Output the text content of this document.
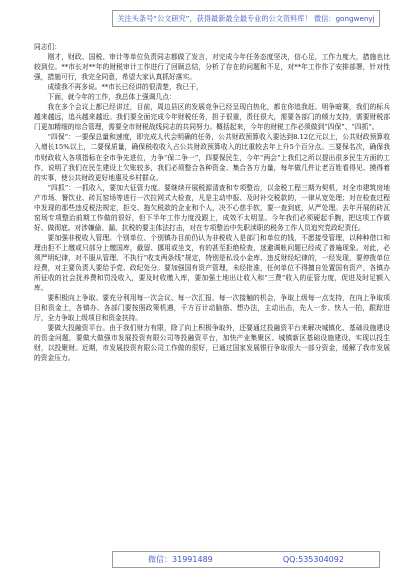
关注头条号“公文研究”，获得最新最全最专业的公文资料库！ 微信：gongwenyj

同志们：

刚才，财政、国税、审计等单位负责同志都做了发言，对完成今年任务态度坚决，信心足，工作力度大，措施也比较到位。**市长对**年的财税审计工作进行了回顾总结，分析了存在的问题和不足，对**年工作作了安排部署，针对性强，措施可行，我完全同意，希望大家认真抓好落实。

成绩我不再多说。**市长已经讲的很清楚，我已于，

下面，就今年的工作，我总体上强调几点：

我在多个会议上都已经讲过，目前，周边县区的发展竞争已经呈现白热化，都在你追我赶、明争暗赛，我们的标兵越来越远，追兵越来越近。我们要全面完成今年财税任务，担子很重，责任很大，需要各部门的倾力支持，需要财税部门更加精细的综合管理，需要全市财税战线同志的共同努力。概括起来，今年的财税工作必须做到“四保”、“四抓”。

“四保”：一要保总量和速度，即完成人代会明确的任务，公共财政预算收入要达到8.12亿元以上，公共财政预算收入增长15%以上，二要保质量，确保税收收入占公共财政预算收入的比重较去年上升5个百分点。三要保名次，确保我市财政收入各项指标在全市争先进位，力争“保二争一”，四要保民生，今年“两会”上我们之所以提出很多民生方面的工作，说明了我们在民生建设上欠账较多，我们必须整合各种资金、集合各方力量，每年做几件让老百姓看得见、摸得着的实事，使公共财政更好地惠及乡村群众。

“四抓”：一抓收入，要加大征管力度。要继续开展税源清查和专项整治，以金税工程三期为契机，对全市建筑房地产市场、餐饮业、砖瓦窑场等进行一次拉网式大检查，凡是主动申报、及时补交税款的，一律从宽处理；对在检查过程中发现的那些违反税法规定，拒交、拖欠税款的企业和个人，决不心慈手软，要一查到底，从严处理。去年开展的砖瓦窑场专项整治前期工作做的很好，但下半年工作力度没跟上，成效不太明显。今年我们必须硬起手腕，把这项工作做好、做彻底。对涉嫌偷、漏、抗税的要主体法打击，对在专项整治中失职渎职的税务工作人员追究党政纪责任。

要加强非税收入管理。个别单位、个别镇办目前仍认为非税收入是部门和单位的钱，不愿接受管理，以种种借口和理由拒不上缴或只部分上缴国库，截留、挪用或坐支，有的甚至拒绝检查，迷避调帐问题已经成了普遍现象。对此，必须严明纪律，对不服从管理、不执行“收支两条线”规定，特别是私设小金库、违反财经纪律的，一经发现，要停拨单位经费，对主要负责人要给予党、政纪处分。要加强国有资产管理，未经批准，任何单位不得擅自处置国有资产，各镇办所征收的社会抚养费和罚没收入，要及时收缴入库，要加强土地出让收入和“三费”收入的征管力度，促进及时足额入库。

要积极向上争取。要充分利用每一次会议、每一次汇报、每一次接触的机会，争取上级每一点支持，在向上争取项目和资金上，各镇办、各部门要按照政策机遇，千方百计动脑筋、想办法，主动出击，先人一步、快人一拍，跟踪进厅，全力争取上级项目和资金扶持。

要做大投融资平台。由于我们财力有限，除了向上积极争取外，还要通过投融资平台来解决城镇化、基础设施建设的资金问题，要做大做强市发展投资有限公司等投融资平台，加快产业集聚区、城镇新区基础设施建设，实现以投生财，以投聚财。近期，市发展投资有限公司工作做的很好，已通过国家发展银行争取很大一部分资金，缓解了我市发展的资金压力。

微信：31991489	QQ:535304092
